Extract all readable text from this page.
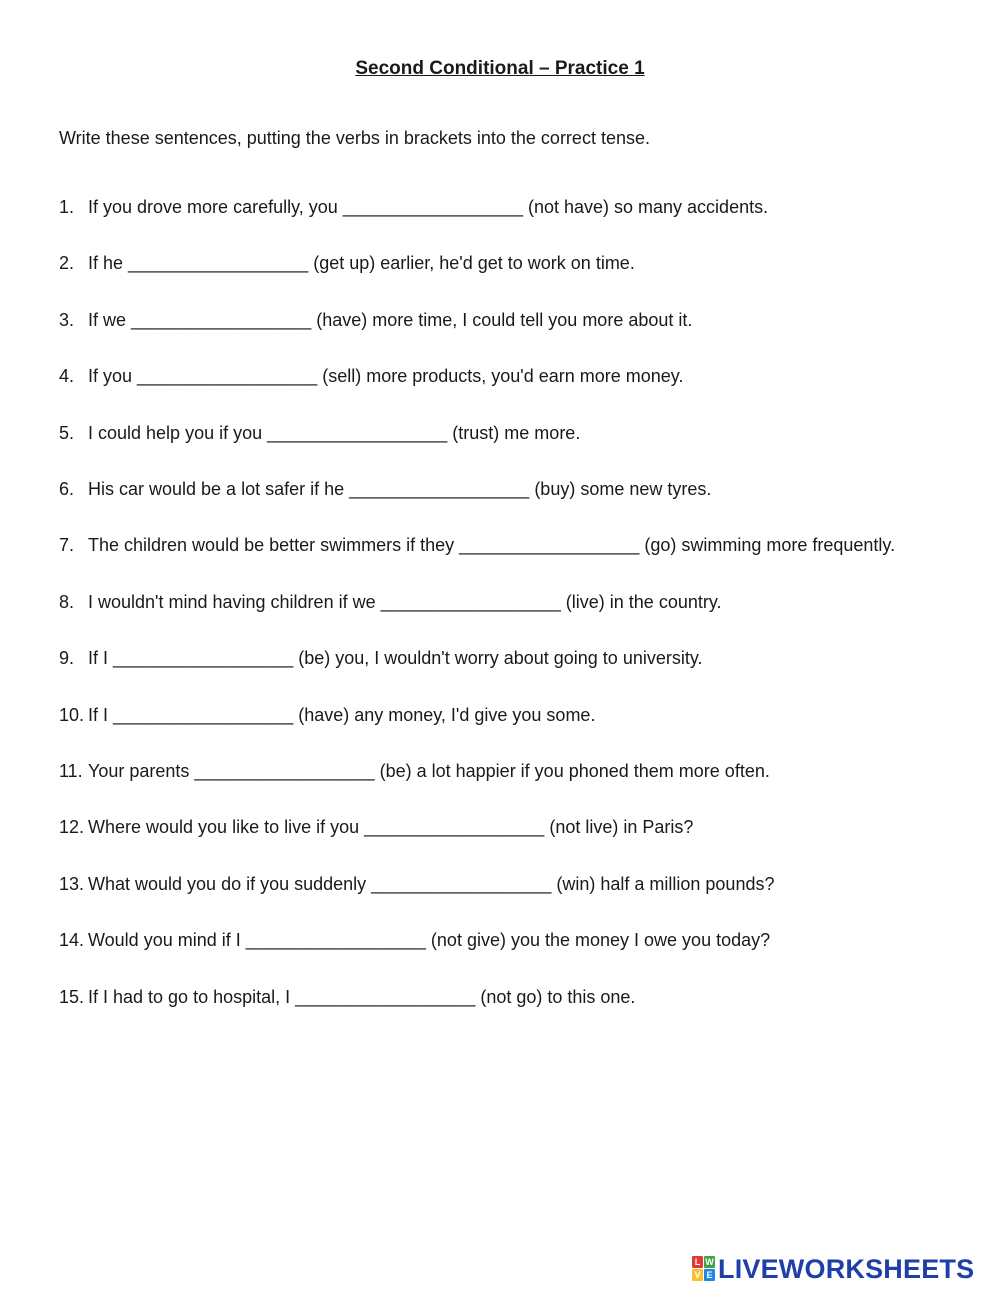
Second Conditional – Practice 1
Write these sentences, putting the verbs in brackets into the correct tense.
1. If you drove more carefully, you __________________ (not have) so many accidents.
2. If he __________________ (get up) earlier, he'd get to work on time.
3. If we __________________ (have) more time, I could tell you more about it.
4. If you __________________ (sell) more products, you'd earn more money.
5. I could help you if you __________________ (trust) me more.
6. His car would be a lot safer if he __________________ (buy) some new tyres.
7. The children would be better swimmers if they __________________ (go) swimming more frequently.
8. I wouldn't mind having children if we __________________ (live) in the country.
9. If I __________________ (be) you, I wouldn't worry about going to university.
10. If I __________________ (have) any money, I'd give you some.
11. Your parents __________________ (be) a lot happier if you phoned them more often.
12. Where would you like to live if you __________________ (not live) in Paris?
13. What would you do if you suddenly __________________ (win) half a million pounds?
14. Would you mind if I __________________ (not give) you the money I owe you today?
15. If I had to go to hospital, I __________________ (not go) to this one.
L W
V E LIVEWORKSHEETS
